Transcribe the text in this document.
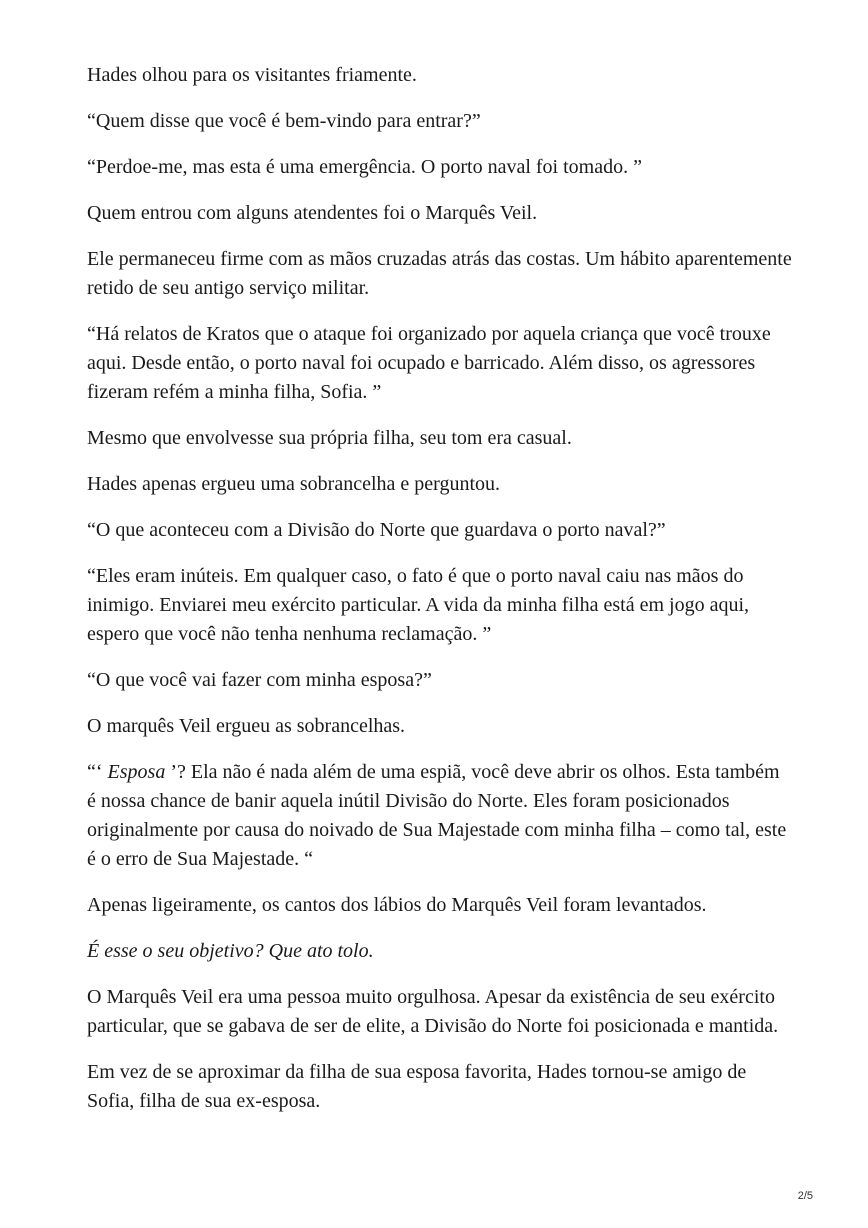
Hades olhou para os visitantes friamente.

“Quem disse que você é bem-vindo para entrar?”

“Perdoe-me, mas esta é uma emergência. O porto naval foi tomado. ”

Quem entrou com alguns atendentes foi o Marquês Veil.

Ele permaneceu firme com as mãos cruzadas atrás das costas. Um hábito aparentemente retido de seu antigo serviço militar.

“Há relatos de Kratos que o ataque foi organizado por aquela criança que você trouxe aqui. Desde então, o porto naval foi ocupado e barricado. Além disso, os agressores fizeram refém a minha filha, Sofia. ”

Mesmo que envolvesse sua própria filha, seu tom era casual.

Hades apenas ergueu uma sobrancelha e perguntou.

“O que aconteceu com a Divisão do Norte que guardava o porto naval?”

“Eles eram inúteis. Em qualquer caso, o fato é que o porto naval caiu nas mãos do inimigo. Enviarei meu exército particular. A vida da minha filha está em jogo aqui, espero que você não tenha nenhuma reclamação. ”

“O que você vai fazer com minha esposa?”

O marquês Veil ergueu as sobrancelhas.

“‘ Esposa ’? Ela não é nada além de uma espiã, você deve abrir os olhos. Esta também é nossa chance de banir aquela inútil Divisão do Norte. Eles foram posicionados originalmente por causa do noivado de Sua Majestade com minha filha – como tal, este é o erro de Sua Majestade. “

Apenas ligeiramente, os cantos dos lábios do Marquês Veil foram levantados.

É esse o seu objetivo? Que ato tolo.

O Marquês Veil era uma pessoa muito orgulhosa. Apesar da existência de seu exército particular, que se gabava de ser de elite, a Divisão do Norte foi posicionada e mantida.

Em vez de se aproximar da filha de sua esposa favorita, Hades tornou-se amigo de Sofia, filha de sua ex-esposa.

2/5
